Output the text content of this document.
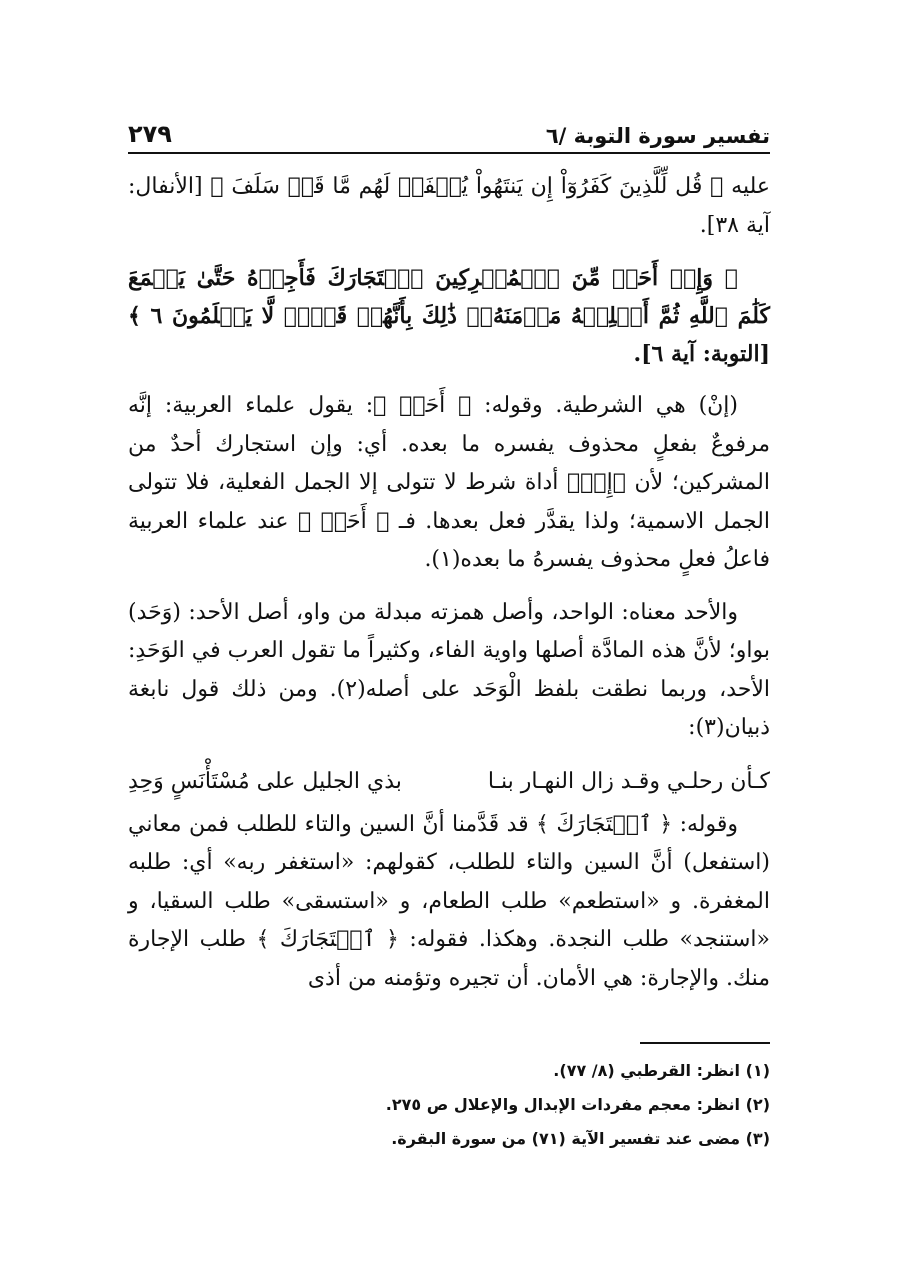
تفسير سورة التوبة /٦
٢٧٩

عليه ﴿ قُل لِّلَّذِينَ كَفَرُوٓاْ إِن يَنتَهُواْ يُغۡفَرۡ لَهُم مَّا قَدۡ سَلَفَ ﴾ [الأنفال: آية ٣٨].

﴿ وَإِنۡ أَحَدٞ مِّنَ ٱلۡمُشۡرِكِينَ ٱسۡتَجَارَكَ فَأَجِرۡهُ حَتَّىٰ يَسۡمَعَ كَلَٰمَ ٱللَّهِ ثُمَّ أَبۡلِغۡهُ مَأۡمَنَهُۥۚ ذَٰلِكَ بِأَنَّهُمۡ قَوۡمٞ لَّا يَعۡلَمُونَ ٦ ﴾ [التوبة: آية ٦].

(إنْ) هي الشرطية. وقوله: ﴿ أَحَدٞ ﴾: يقول علماء العربية: إنَّه مرفوعٌ بفعلٍ محذوف يفسره ما بعده. أي: وإن استجارك أحدٌ من المشركين؛ لأن ﴿إِنۡ﴾ أداة شرط لا تتولى إلا الجمل الفعلية، فلا تتولى الجمل الاسمية؛ ولذا يقدَّر فعل بعدها. فـ ﴿ أَحَدٞ ﴾ عند علماء العربية فاعلُ فعلٍ محذوف يفسرهُ ما بعده(١).

والأحد معناه: الواحد، وأصل همزته مبدلة من واو، أصل الأحد: (وَحَد) بواو؛ لأنَّ هذه المادَّة أصلها واوية الفاء، وكثيراً ما تقول العرب في الوَحَدِ: الأحد، وربما نطقت بلفظ الْوَحَد على أصله(٢). ومن ذلك قول نابغة ذبيان(٣):

كـأن رحلـي وقـد زال النهـار بنـا
بذي الجليل على مُسْتَأْنَسٍ وَحِدِ

وقوله: ﴿ ٱسۡتَجَارَكَ ﴾ قد قَدَّمنا أنَّ السين والتاء للطلب فمن معاني (استفعل) أنَّ السين والتاء للطلب، كقولهم: «استغفر ربه» أي: طلبه المغفرة. و «استطعم» طلب الطعام، و «استسقى» طلب السقيا، و «استنجد» طلب النجدة. وهكذا. فقوله: ﴿ ٱسۡتَجَارَكَ ﴾ طلب الإجارة منك. والإجارة: هي الأمان. أن تجيره وتؤمنه من أذى

(١) انظر: القرطبي (٨/ ٧٧).
(٢) انظر: معجم مفردات الإبدال والإعلال ص ٢٧٥.
(٣) مضى عند تفسير الآية (٧١) من سورة البقرة.
